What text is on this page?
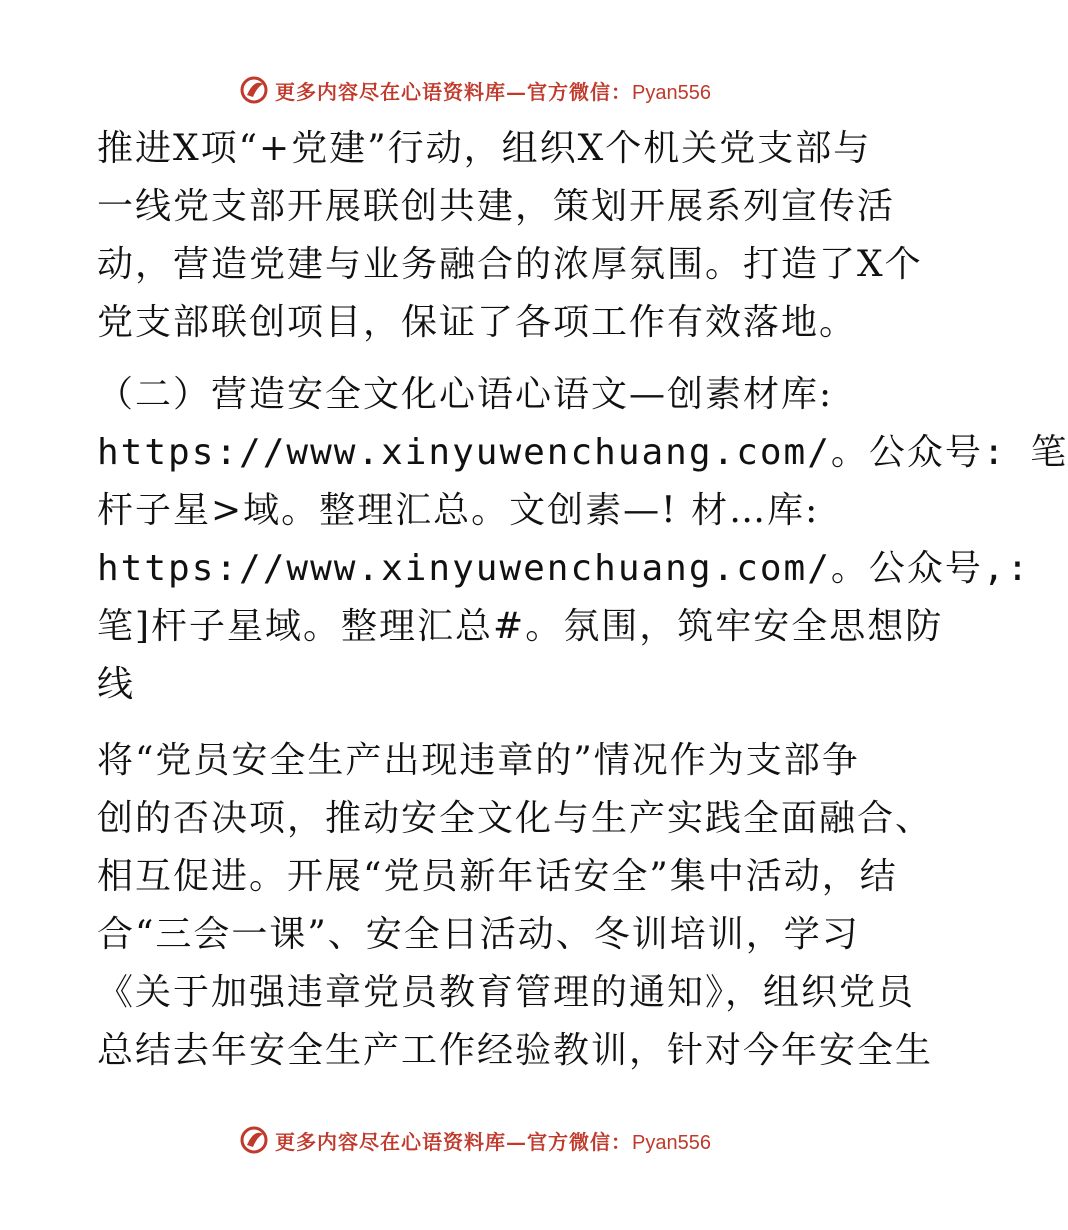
更多内容尽在心语资料库—官方微信：Pyan556
推进X项“+党建”行动，组织X个机关党支部与
一线党支部开展联创共建，策划开展系列宣传活
动，营造党建与业务融合的浓厚氛围。打造了X个
党支部联创项目，保证了各项工作有效落地。
（二）营造安全文化心语心语文—创素材库:
https://www.xinyuwenchuang.com/。公众号: 笔
杆子星>域。整理汇总。文创素—! 材…库:
https://www.xinyuwenchuang.com/。公众号,:
笔]杆子星域。整理汇总#。氛围，筑牢安全思想防
线
将“党员安全生产出现违章的”情况作为支部争
创的否决项，推动安全文化与生产实践全面融合、
相互促进。开展“党员新年话安全”集中活动，结
合“三会一课”、安全日活动、冬训培训，学习
《关于加强违章党员教育管理的通知》，组织党员
总结去年安全生产工作经验教训，针对今年安全生
更多内容尽在心语资料库—官方微信：Pyan556
